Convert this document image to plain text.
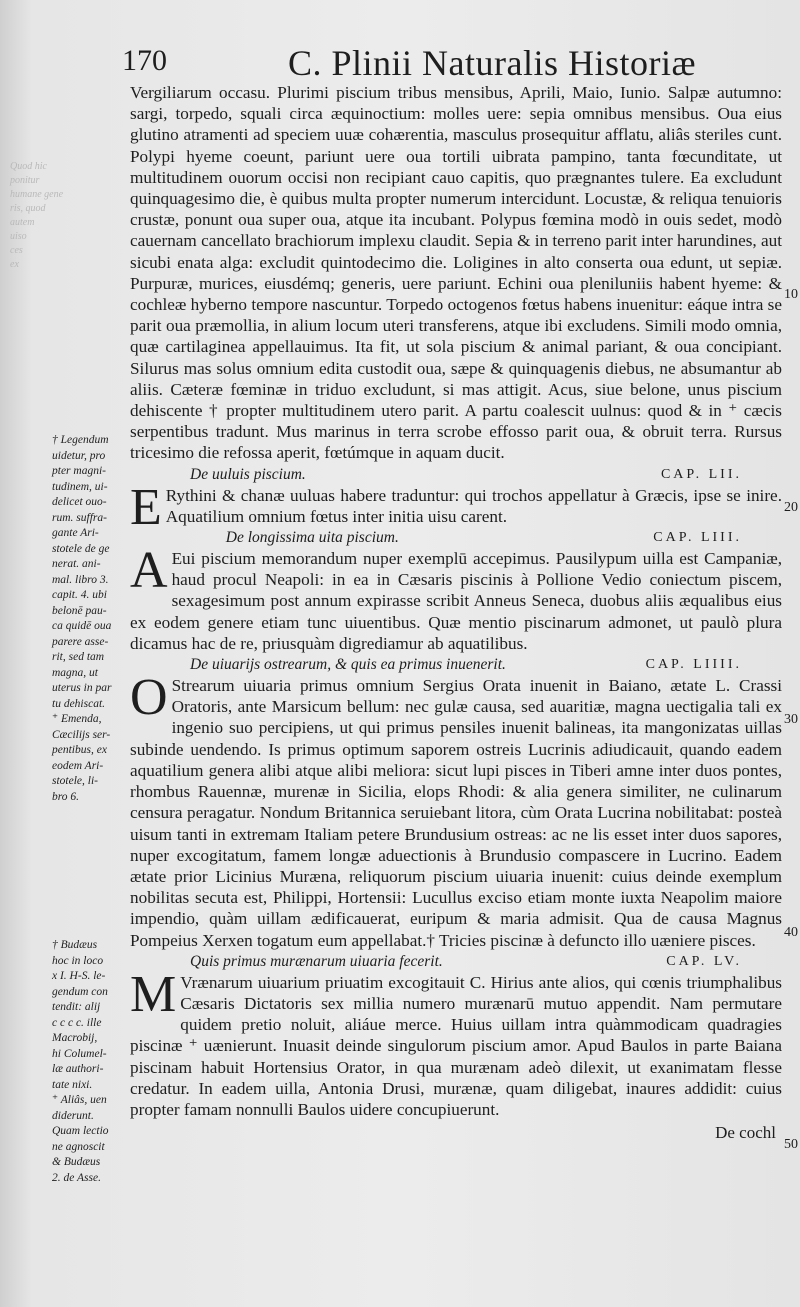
170	C. Plinii Naturalis Historiæ
Quod hic
ponitur
humane gene
ris, quod
autem
uiso
ces
ex

Vergiliarum occasu. Plurimi piscium tribus mensibus, Aprili, Maio, Iunio. Salpæ autumno: sargi, torpedo, squali circa æquinoctium: molles uere: sepia omnibus mensibus. Oua eius glutino atramenti ad speciem uuæ cohærentia, masculus prosequitur afflatu, aliâs steriles cunt. Polypi hyeme coeunt, pariunt uere oua tortili uibrata pampino, tanta fœcunditate, ut multitudinem ouorum occisi non recipiant cauo capitis, quo prægnantes tulere. Ea excludunt quinquagesimo die, è quibus multa propter numerum intercidunt. Locustæ, & reliqua tenuioris crustæ, ponunt oua super oua, atque ita incubant. Polypus fœmina modò in ouis sedet, modò cauernam cancellato brachiorum implexu claudit. Sepia & in terreno parit inter harundines, aut sicubi enata alga: excludit quintodecimo die. Loligines in alto conserta oua edunt, ut sepiæ. Purpuræ, murices, eiusdémq; generis, uere pariunt. Echini oua pleniluniis habent hyeme: & cochleæ hyberno tempore nascuntur. Torpedo octogenos fœtus habens inuenitur: eáque intra se parit oua præmollia, in alium locum uteri transferens, atque ibi excludens. Simili modo omnia, quæ cartilaginea appellauimus. Ita fit, ut sola piscium & animal pariant, & oua concipiant. Silurus mas solus omnium edita custodit oua, sæpe & quinquagenis diebus, ne absumantur ab aliis. Cæteræ fœminæ in triduo excludunt, si mas attigit. Acus, siue belone, unus piscium dehiscente † propter multitudinem utero parit. A partu coalescit uulnus: quod & in ⁺ cæcis serpentibus tradunt. Mus marinus in terra scrobe effosso parit oua, & obruit terra. Rursus tricesimo die refossa aperit, fœtúmque in aquam ducit.

De uuluis piscium.	CAP. LII.

E Rythini & chanæ uuluas habere traduntur: qui trochos appellatur à Græcis, ipse se inire. Aquatilium omnium fœtus inter initia uisu carent.

De longissima uita piscium.	CAP. LIII.

A Eui piscium memorandum nuper exemplū accepimus. Pausilypum uilla est Campaniæ, haud procul Neapoli: in ea in Cæsaris piscinis à Pollione Vedio coniectum piscem, sexagesimum post annum expirasse scribit Anneus Seneca, duobus aliis æqualibus eius ex eodem genere etiam tunc uiuentibus. Quæ mentio piscinarum admonet, ut paulò plura dicamus hac de re, priusquàm digrediamur ab aquatilibus.

De uiuarijs ostrearum, & quis ea primus inuenerit.	CAP. LIIII.

O Strearum uiuaria primus omnium Sergius Orata inuenit in Baiano, ætate L. Crassi Oratoris, ante Marsicum bellum: nec gulæ causa, sed auaritiæ, magna uectigalia tali ex ingenio suo percipiens, ut qui primus pensiles inuenit balineas, ita mangonizatas uillas subinde uendendo. Is primus optimum saporem ostreis Lucrinis adiudicauit, quando eadem aquatilium genera alibi atque alibi meliora: sicut lupi pisces in Tiberi amne inter duos pontes, rhombus Rauennæ, murenæ in Sicilia, elops Rhodi: & alia genera similiter, ne culinarum censura peragatur. Nondum Britannica seruiebant litora, cùm Orata Lucrina nobilitabat: posteà uisum tanti in extremam Italiam petere Brundusium ostreas: ac ne lis esset inter duos sapores, nuper excogitatum, famem longæ aduectionis à Brundusio compascere in Lucrino. Eadem ætate prior Licinius Muræna, reliquorum piscium uiuaria inuenit: cuius deinde exemplum nobilitas secuta est, Philippi, Hortensii: Lucullus exciso etiam monte iuxta Neapolim maiore impendio, quàm uillam ædificauerat, euripum & maria admisit. Qua de causa Magnus Pompeius Xerxen togatum eum appellabat.† Tricies piscinæ à defuncto illo uæniere pisces.

Quis primus murænarum uiuaria fecerit.	CAP. LV.

M Vrænarum uiuarium priuatim excogitauit C. Hirius ante alios, qui cœnis triumphalibus Cæsaris Dictatoris sex millia numero murænarū mutuo appendit. Nam permutare quidem pretio noluit, aliáue merce. Huius uillam intra quàmmodicam quadragies piscinæ ⁺ uænierunt. Inuasit deinde singulorum piscium amor. Apud Baulos in parte Baiana piscinam habuit Hortensius Orator, in qua murænam adeò dilexit, ut exanimatam flesse credatur. In eadem uilla, Antonia Drusi, murænæ, quam diligebat, inaures addidit: cuius propter famam nonnulli Baulos uidere concupiuerunt.

De cochl
† Legendum
uidetur, pro
pter magni-
tudinem, ui-
delicet ouo-
rum. suffra-
gante Ari-
stotele de ge
nerat. ani-
mal. libro 3.
capit. 4. ubi
belonē pau-
ca quidē oua
parere asse-
rit, sed tam
magna, ut
uterus in par
tu dehiscat.
⁺ Emenda,
Cæcilijs ser-
pentibus, ex
eodem Ari-
stotele, li-
bro 6.
† Budæus
hoc in loco
x I. H-S. le-
gendum con
tendit: alij
c c c c. ille
Macrobij,
hi Columel-
læ authori-
tate nixi.
⁺ Aliâs, uen
diderunt.
Quam lectio
ne agnoscit
& Budæus
2. de Asse.
10
20
30
40
50
